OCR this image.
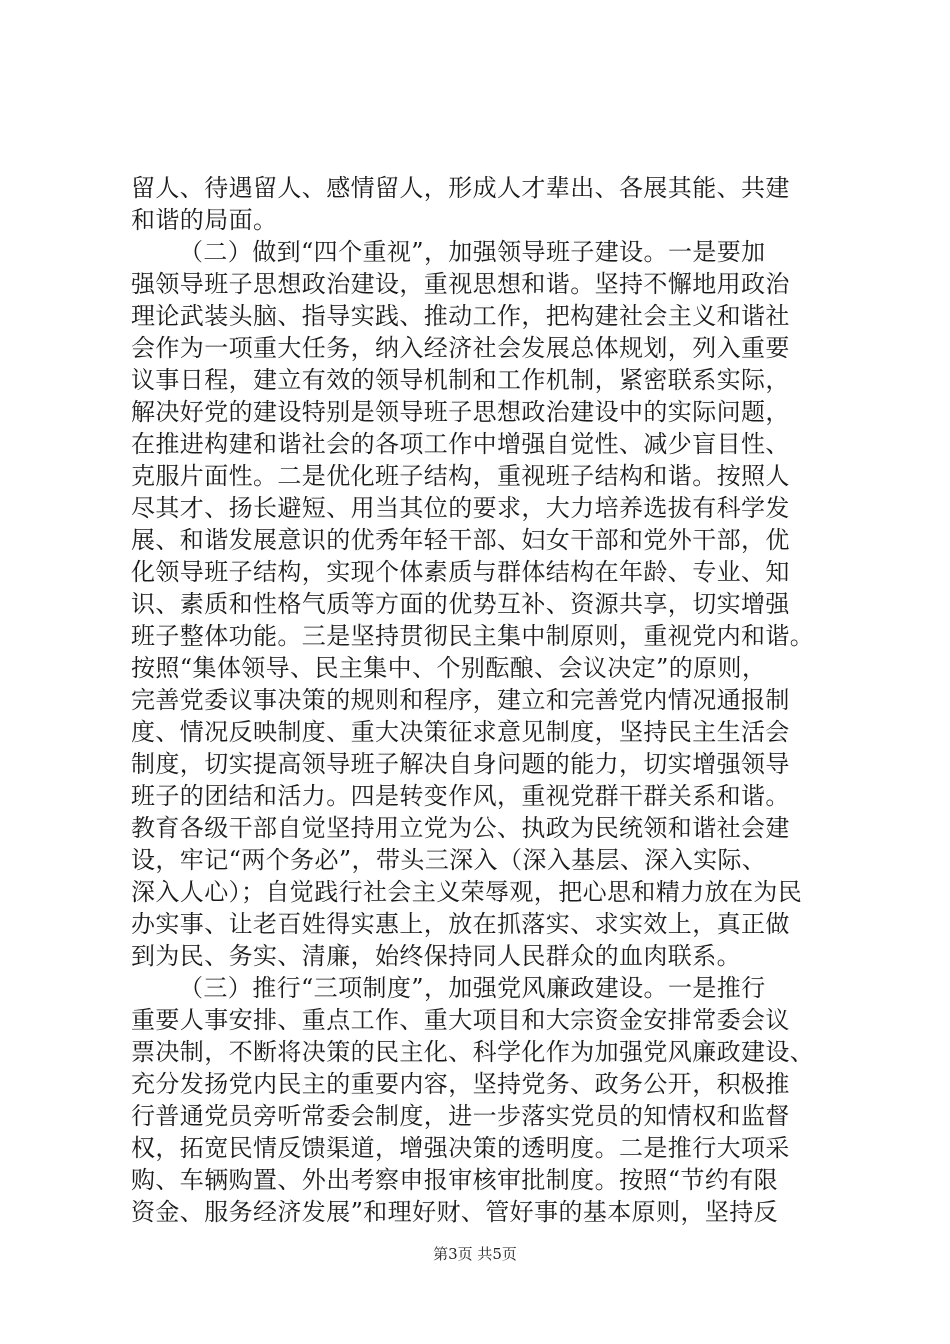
留人、待遇留人、感情留人，形成人才辈出、各展其能、共建
和谐的局面。
（二）做到“四个重视”，加强领导班子建设。一是要加
强领导班子思想政治建设，重视思想和谐。坚持不懈地用政治
理论武装头脑、指导实践、推动工作，把构建社会主义和谐社
会作为一项重大任务，纳入经济社会发展总体规划，列入重要
议事日程，建立有效的领导机制和工作机制，紧密联系实际，
解决好党的建设特别是领导班子思想政治建设中的实际问题，
在推进构建和谐社会的各项工作中增强自觉性、减少盲目性、
克服片面性。二是优化班子结构，重视班子结构和谐。按照人
尽其才、扬长避短、用当其位的要求，大力培养选拔有科学发
展、和谐发展意识的优秀年轻干部、妇女干部和党外干部，优
化领导班子结构，实现个体素质与群体结构在年龄、专业、知
识、素质和性格气质等方面的优势互补、资源共享，切实增强
班子整体功能。三是坚持贯彻民主集中制原则，重视党内和谐。
按照“集体领导、民主集中、个别酝酿、会议决定”的原则，
完善党委议事决策的规则和程序，建立和完善党内情况通报制
度、情况反映制度、重大决策征求意见制度，坚持民主生活会
制度，切实提高领导班子解决自身问题的能力，切实增强领导
班子的团结和活力。四是转变作风，重视党群干群关系和谐。
教育各级干部自觉坚持用立党为公、执政为民统领和谐社会建
设，牢记“两个务必”，带头三深入（深入基层、深入实际、
深入人心）；自觉践行社会主义荣辱观，把心思和精力放在为民
办实事、让老百姓得实惠上，放在抓落实、求实效上，真正做
到为民、务实、清廉，始终保持同人民群众的血肉联系。
（三）推行“三项制度”，加强党风廉政建设。一是推行
重要人事安排、重点工作、重大项目和大宗资金安排常委会议
票决制，不断将决策的民主化、科学化作为加强党风廉政建设、
充分发扬党内民主的重要内容，坚持党务、政务公开，积极推
行普通党员旁听常委会制度，进一步落实党员的知情权和监督
权，拓宽民情反馈渠道，增强决策的透明度。二是推行大项采
购、车辆购置、外出考察申报审核审批制度。按照“节约有限
资金、服务经济发展”和理好财、管好事的基本原则，坚持反
第3页 共5页
